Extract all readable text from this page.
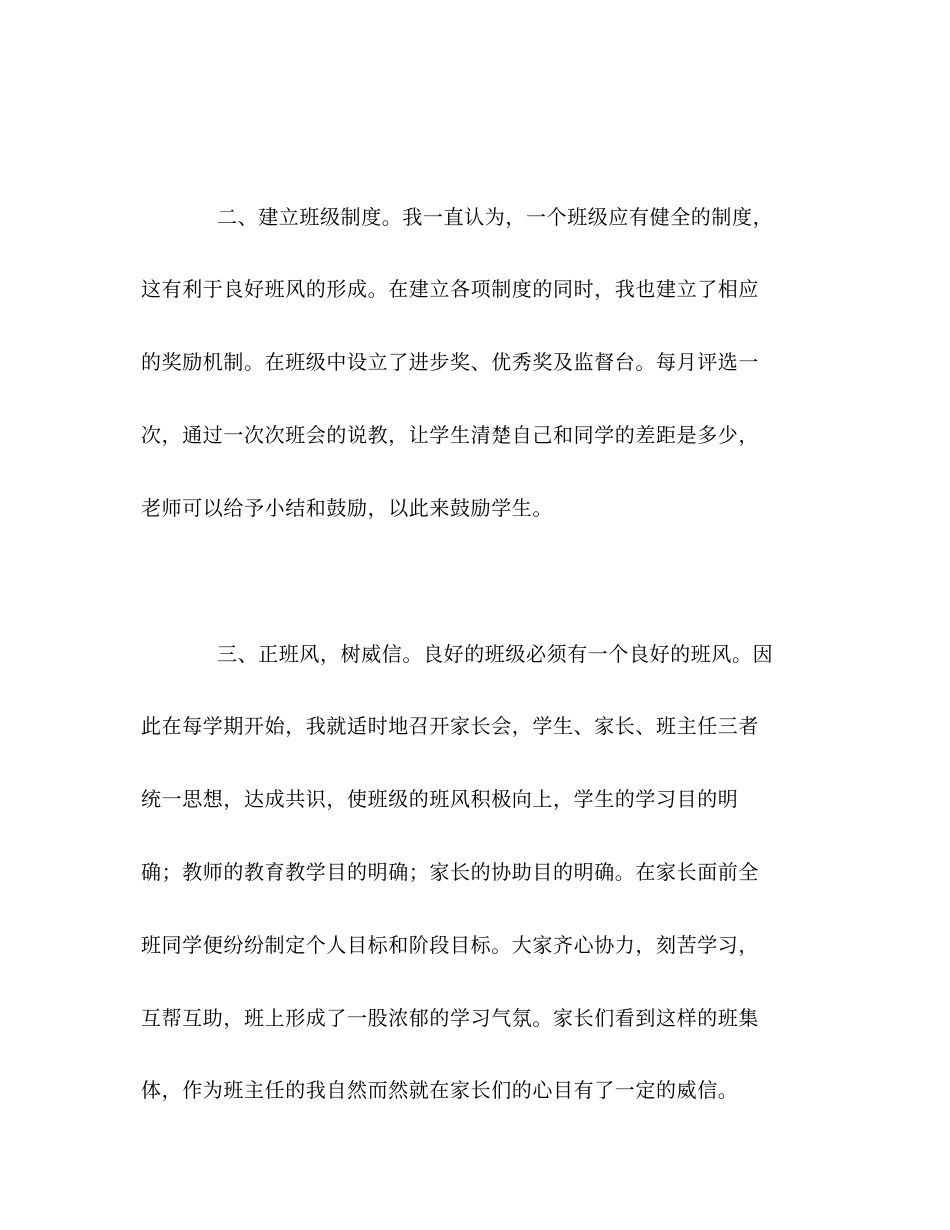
二、建立班级制度。我一直认为，一个班级应有健全的制度，

这有利于良好班风的形成。在建立各项制度的同时，我也建立了相应

的奖励机制。在班级中设立了进步奖、优秀奖及监督台。每月评选一

次，通过一次次班会的说教，让学生清楚自己和同学的差距是多少，

老师可以给予小结和鼓励，以此来鼓励学生。

三、正班风，树威信。良好的班级必须有一个良好的班风。因

此在每学期开始，我就适时地召开家长会，学生、家长、班主任三者

统一思想，达成共识，使班级的班风积极向上，学生的学习目的明

确；教师的教育教学目的明确；家长的协助目的明确。在家长面前全

班同学便纷纷制定个人目标和阶段目标。大家齐心协力，刻苦学习，

互帮互助，班上形成了一股浓郁的学习气氛。家长们看到这样的班集

体，作为班主任的我自然而然就在家长们的心目有了一定的威信。
